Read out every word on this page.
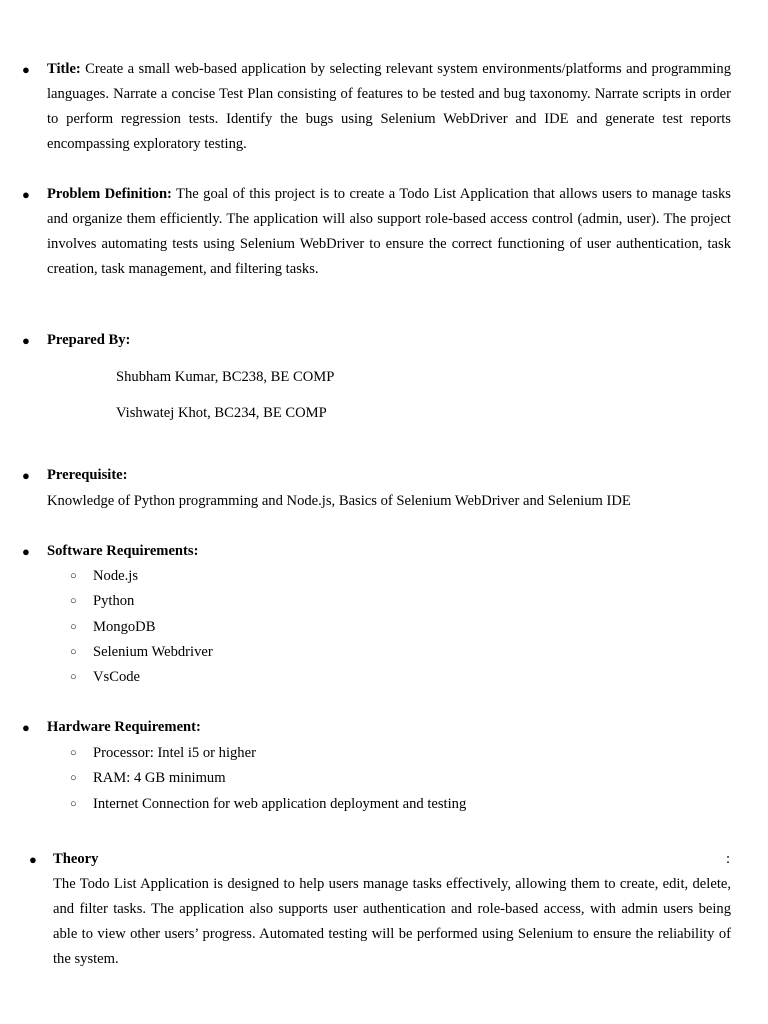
●	Title: Create a small web-based application by selecting relevant system environments/platforms and programming languages. Narrate a concise Test Plan consisting of features to be tested and bug taxonomy. Narrate scripts in order to perform regression tests. Identify the bugs using Selenium WebDriver and IDE and generate test reports encompassing exploratory testing.
●	Problem Definition: The goal of this project is to create a Todo List Application that allows users to manage tasks and organize them efficiently. The application will also support role-based access control (admin, user). The project involves automating tests using Selenium WebDriver to ensure the correct functioning of user authentication, task creation, task management, and filtering tasks.
●	Prepared By:
Shubham Kumar, BC238, BE COMP
Vishwatej Khot, BC234, BE COMP
●	Prerequisite:
Knowledge of Python programming and Node.js, Basics of Selenium WebDriver and Selenium IDE
●	Software Requirements:
○ Node.js
○ Python
○ MongoDB
○ Selenium Webdriver
○ VsCode
●	Hardware Requirement:
○ Processor: Intel i5 or higher
○ RAM: 4 GB minimum
○ Internet Connection for web application deployment and testing
●	Theory	:
The Todo List Application is designed to help users manage tasks effectively, allowing them to create, edit, delete, and filter tasks. The application also supports user authentication and role-based access, with admin users being able to view other users’ progress. Automated testing will be performed using Selenium to ensure the reliability of the system.
